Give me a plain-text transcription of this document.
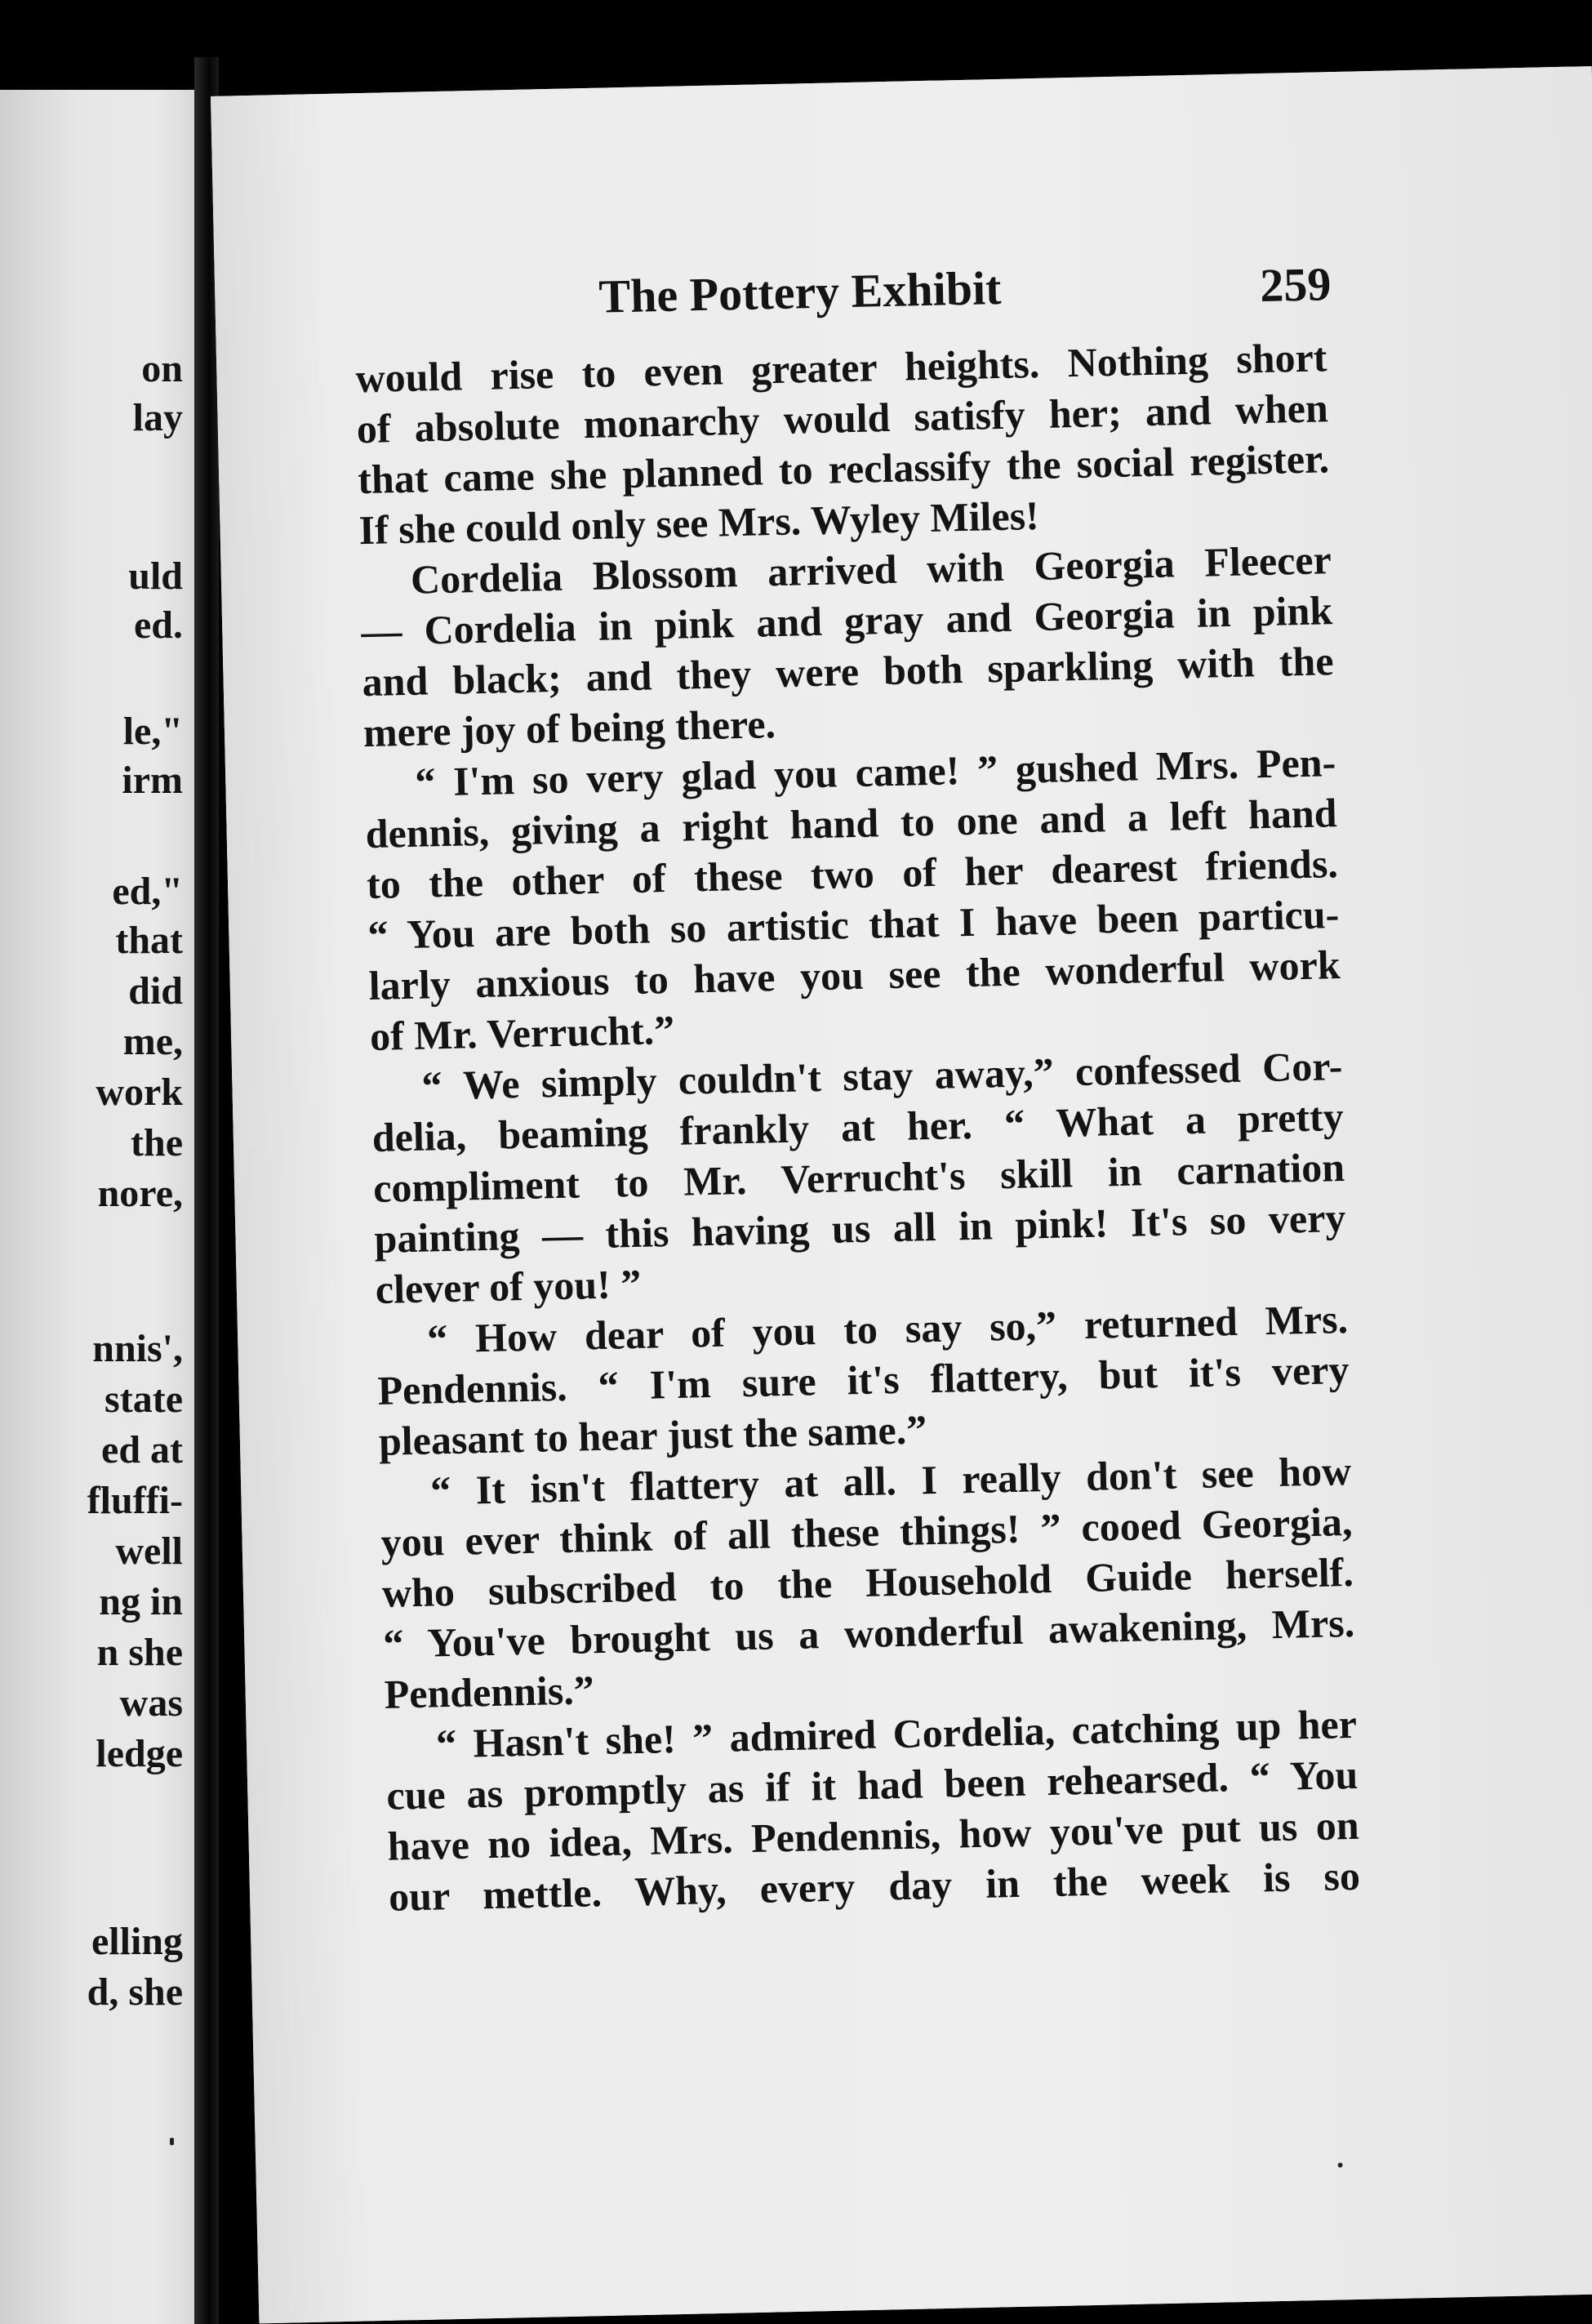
on
lay
uld
ed.
le,"
irm
ed,"
that
did
me,
work
the
nore,
nnis',
state
ed at
fluffi-
well
ng in
n she
was
ledge
elling
d, she
The Pottery Exhibit	259
would rise to even greater heights. Nothing short
of absolute monarchy would satisfy her; and when
that came she planned to reclassify the social register.
If she could only see Mrs. Wyley Miles!
Cordelia Blossom arrived with Georgia Fleecer
— Cordelia in pink and gray and Georgia in pink
and black; and they were both sparkling with the
mere joy of being there.
“ I'm so very glad you came! ” gushed Mrs. Pen-
dennis, giving a right hand to one and a left hand
to the other of these two of her dearest friends.
“ You are both so artistic that I have been particu-
larly anxious to have you see the wonderful work
of Mr. Verrucht.”
“ We simply couldn't stay away,” confessed Cor-
delia, beaming frankly at her. “ What a pretty
compliment to Mr. Verrucht's skill in carnation
painting — this having us all in pink! It's so very
clever of you! ”
“ How dear of you to say so,” returned Mrs.
Pendennis. “ I'm sure it's flattery, but it's very
pleasant to hear just the same.”
“ It isn't flattery at all. I really don't see how
you ever think of all these things! ” cooed Georgia,
who subscribed to the Household Guide herself.
“ You've brought us a wonderful awakening, Mrs.
Pendennis.”
“ Hasn't she! ” admired Cordelia, catching up her
cue as promptly as if it had been rehearsed. “ You
have no idea, Mrs. Pendennis, how you've put us on
our mettle. Why, every day in the week is so
